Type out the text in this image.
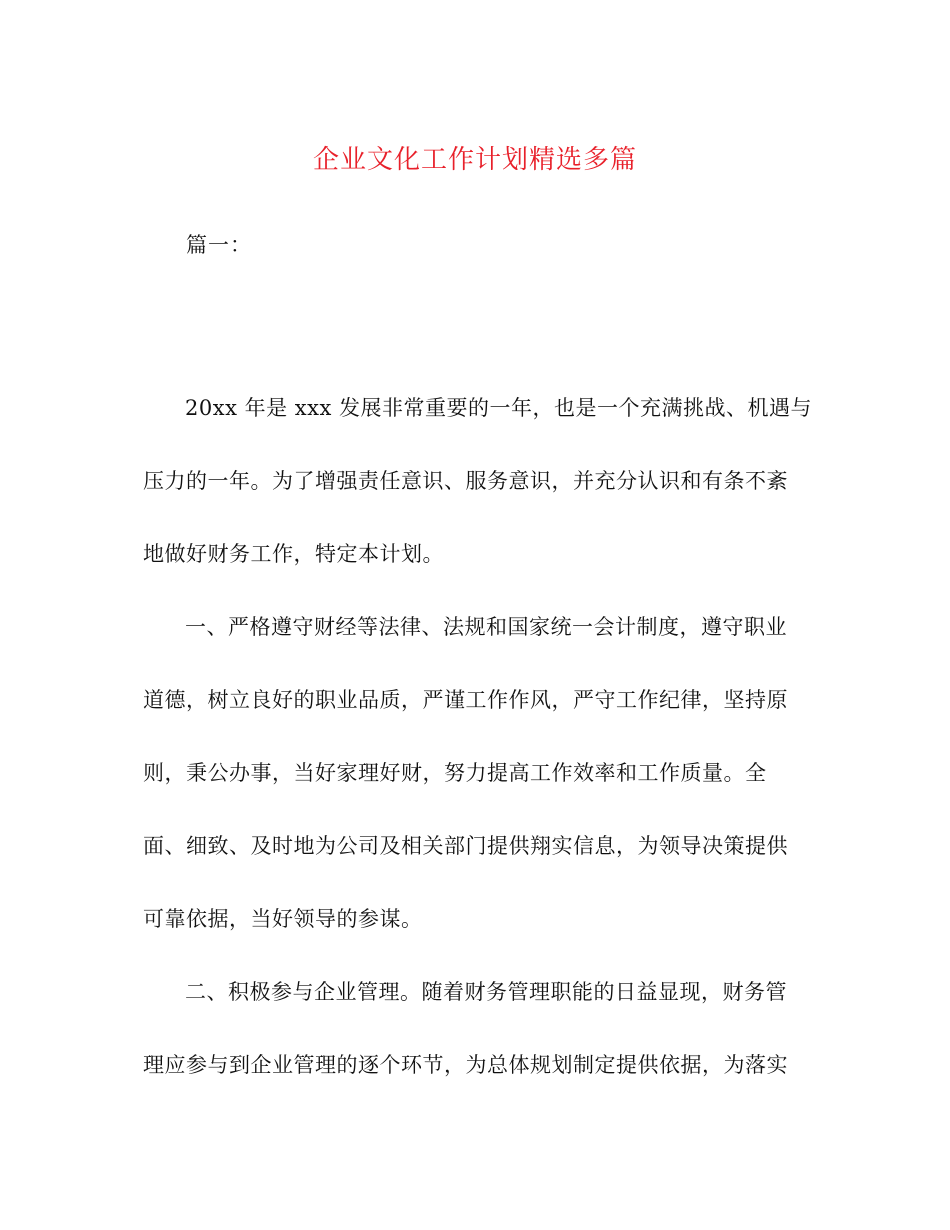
企业文化工作计划精选多篇
篇一：

20xx 年是 xxx 发展非常重要的一年，也是一个充满挑战、机遇与
压力的一年。为了增强责任意识、服务意识，并充分认识和有条不紊
地做好财务工作，特定本计划。

一、严格遵守财经等法律、法规和国家统一会计制度，遵守职业
道德，树立良好的职业品质，严谨工作作风，严守工作纪律，坚持原
则，秉公办事，当好家理好财，努力提高工作效率和工作质量。全
面、细致、及时地为公司及相关部门提供翔实信息，为领导决策提供
可靠依据，当好领导的参谋。

二、积极参与企业管理。随着财务管理职能的日益显现，财务管
理应参与到企业管理的逐个环节，为总体规划制定提供依据，为落实
